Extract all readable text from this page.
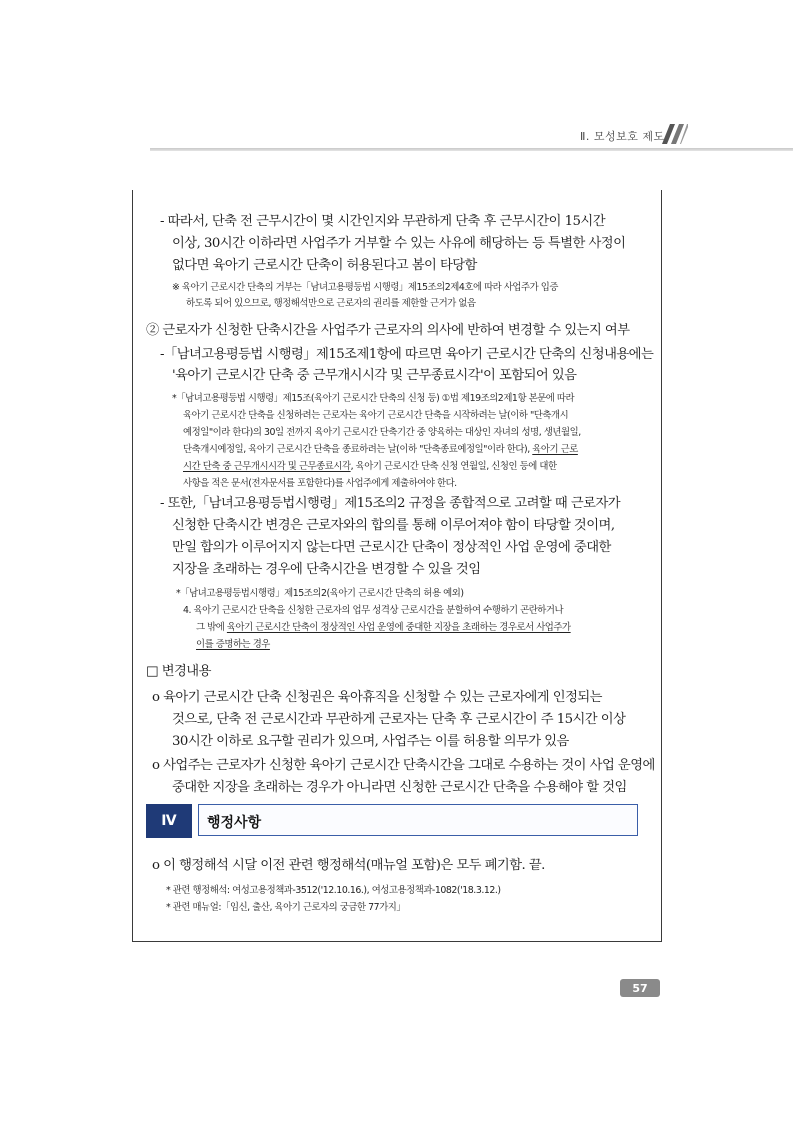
Ⅱ. 모성보호 제도
- 따라서, 단축 전 근무시간이 몇 시간인지와 무관하게 단축 후 근무시간이 15시간
이상, 30시간 이하라면 사업주가 거부할 수 있는 사유에 해당하는 등 특별한 사정이
없다면 육아기 근로시간 단축이 허용된다고 봄이 타당함
※ 육아기 근로시간 단축의 거부는「남녀고용평등법 시행령」제15조의2제4호에 따라 사업주가 입증
하도록 되어 있으므로, 행정해석만으로 근로자의 권리를 제한할 근거가 없음
② 근로자가 신청한 단축시간을 사업주가 근로자의 의사에 반하여 변경할 수 있는지 여부
-「남녀고용평등법 시행령」제15조제1항에 따르면 육아기 근로시간 단축의 신청내용에는
'육아기 근로시간 단축 중 근무개시시각 및 근무종료시각'이 포함되어 있음
*「남녀고용평등법 시행령」제15조(육아기 근로시간 단축의 신청 등) ①법 제19조의2제1항 본문에 따라
육아기 근로시간 단축을 신청하려는 근로자는 육아기 근로시간 단축을 시작하려는 날(이하 "단축개시
예정일"이라 한다)의 30일 전까지 육아기 근로시간 단축기간 중 양육하는 대상인 자녀의 성명, 생년월일,
단축개시예정일, 육아기 근로시간 단축을 종료하려는 날(이하 "단축종료예정일"이라 한다), 육아기 근로
시간 단축 중 근무개시시각 및 근무종료시각, 육아기 근로시간 단축 신청 연월일, 신청인 등에 대한
사항을 적은 문서(전자문서를 포함한다)를 사업주에게 제출하여야 한다.
- 또한,「남녀고용평등법시행령」제15조의2 규정을 종합적으로 고려할 때 근로자가
신청한 단축시간 변경은 근로자와의 합의를 통해 이루어져야 함이 타당할 것이며,
만일 합의가 이루어지지 않는다면 근로시간 단축이 정상적인 사업 운영에 중대한
지장을 초래하는 경우에 단축시간을 변경할 수 있을 것임
*「남녀고용평등법시행령」제15조의2(육아기 근로시간 단축의 허용 예외)
4. 육아기 근로시간 단축을 신청한 근로자의 업무 성격상 근로시간을 분할하여 수행하기 곤란하거나
그 밖에 육아기 근로시간 단축이 정상적인 사업 운영에 중대한 지장을 초래하는 경우로서 사업주가
이를 증명하는 경우
□ 변경내용
o 육아기 근로시간 단축 신청권은 육아휴직을 신청할 수 있는 근로자에게 인정되는
것으로, 단축 전 근로시간과 무관하게 근로자는 단축 후 근로시간이 주 15시간 이상
30시간 이하로 요구할 권리가 있으며, 사업주는 이를 허용할 의무가 있음
o 사업주는 근로자가 신청한 육아기 근로시간 단축시간을 그대로 수용하는 것이 사업 운영에
중대한 지장을 초래하는 경우가 아니라면 신청한 근로시간 단축을 수용해야 할 것임
Ⅳ	행정사항
o 이 행정해석 시달 이전 관련 행정해석(매뉴얼 포함)은 모두 폐기함. 끝.
* 관련 행정해석: 여성고용정책과-3512('12.10.16.), 여성고용정책과-1082('18.3.12.)
* 관련 매뉴얼:「임신, 출산, 육아기 근로자의 궁금한 77가지」
57
